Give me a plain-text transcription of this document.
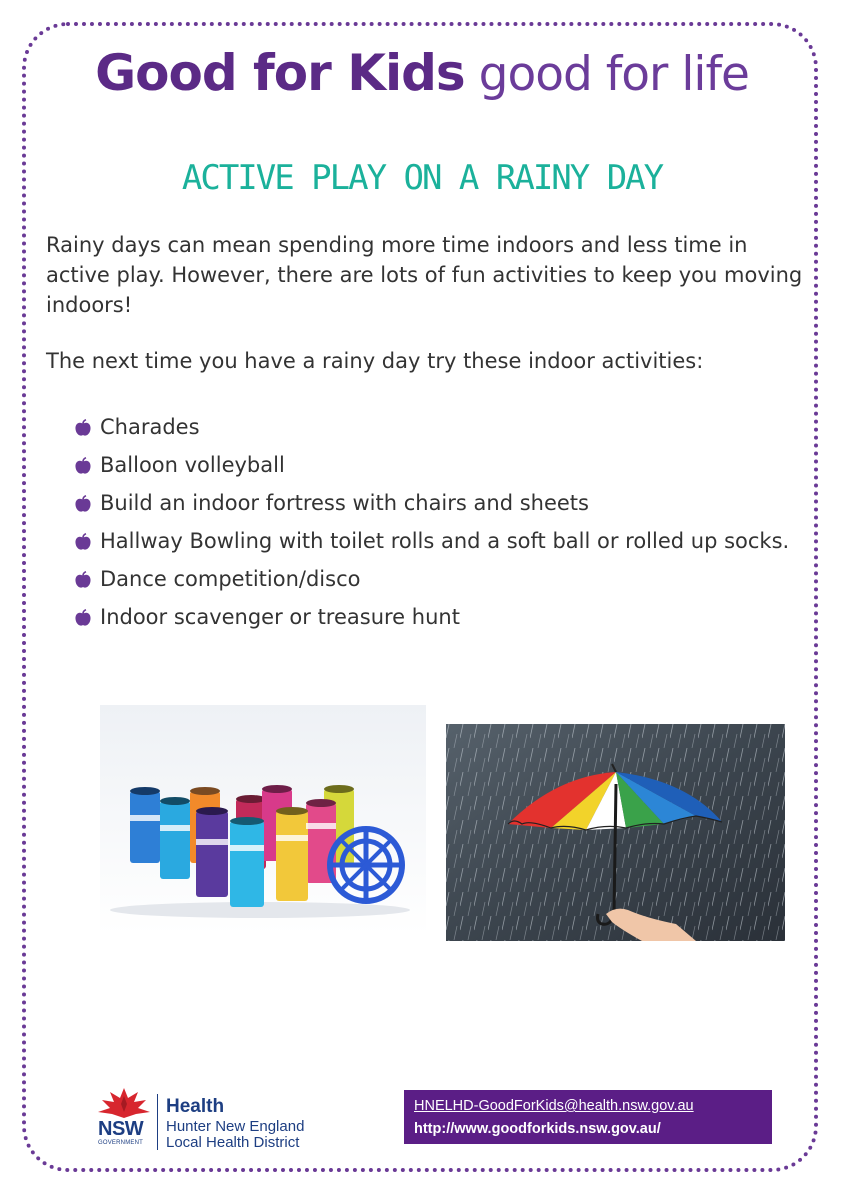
Good for Kids good for life
ACTIVE PLAY ON A RAINY DAY

Rainy days can mean spending more time indoors and less time in active play. However, there are lots of fun activities to keep you moving indoors!

The next time you have a rainy day try these indoor activities:

Charades
Balloon volleyball
Build an indoor fortress with chairs and sheets
Hallway Bowling with toilet rolls and a soft ball or rolled up socks.
Dance competition/disco
Indoor scavenger or treasure hunt
NSW
GOVERNMENT
Health
Hunter New England
Local Health District
HNELHD-GoodForKids@health.nsw.gov.au
http://www.goodforkids.nsw.gov.au/
